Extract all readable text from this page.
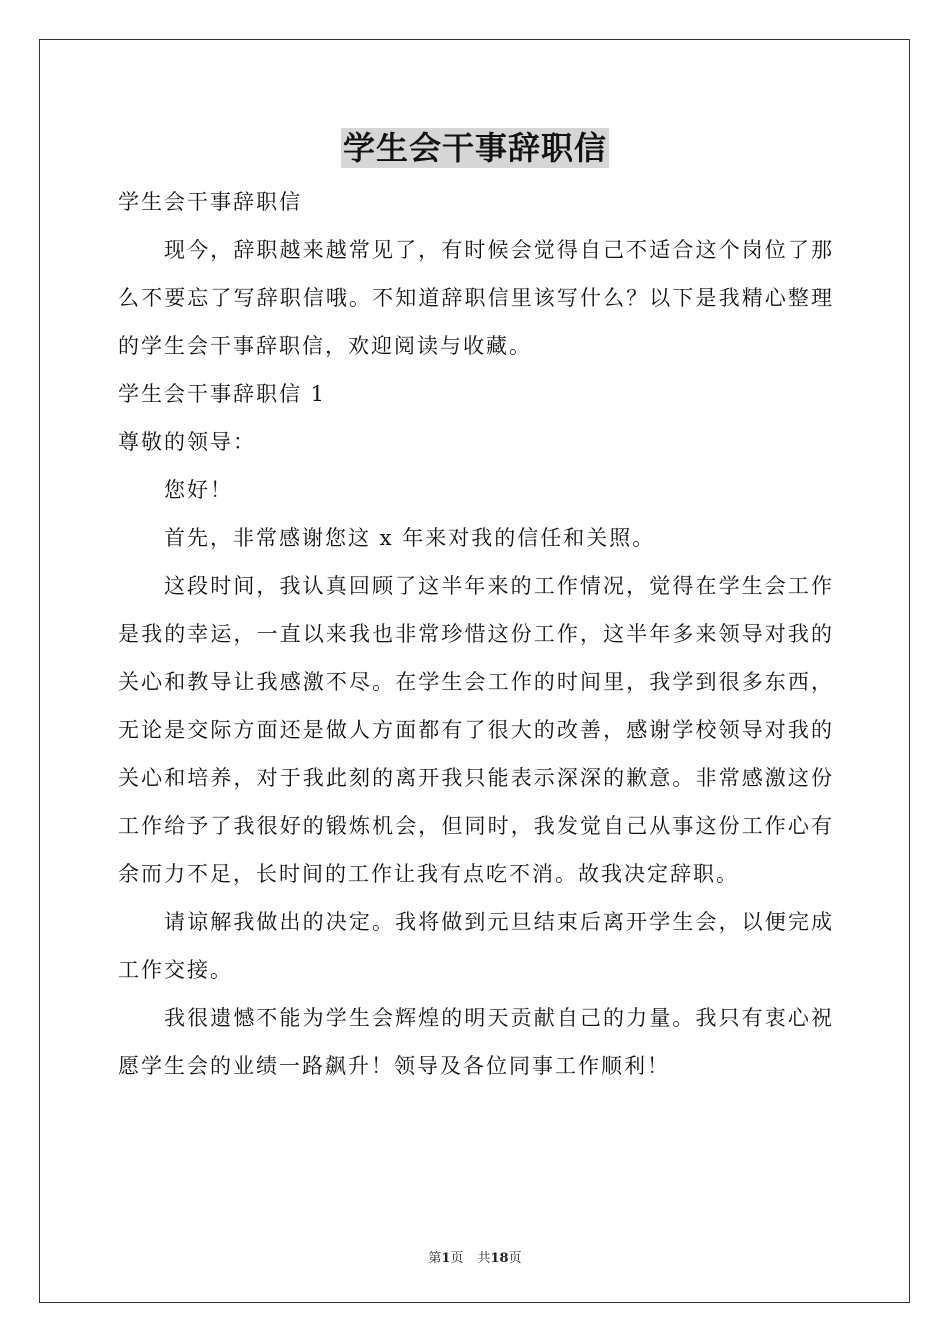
学生会干事辞职信

学生会干事辞职信

现今，辞职越来越常见了，有时候会觉得自己不适合这个岗位了那么不要忘了写辞职信哦。不知道辞职信里该写什么？以下是我精心整理的学生会干事辞职信，欢迎阅读与收藏。

学生会干事辞职信 1

尊敬的领导：

您好！

首先，非常感谢您这 x 年来对我的信任和关照。

这段时间，我认真回顾了这半年来的工作情况，觉得在学生会工作是我的幸运，一直以来我也非常珍惜这份工作，这半年多来领导对我的关心和教导让我感激不尽。在学生会工作的时间里，我学到很多东西，无论是交际方面还是做人方面都有了很大的改善，感谢学校领导对我的关心和培养，对于我此刻的离开我只能表示深深的歉意。非常感激这份工作给予了我很好的锻炼机会，但同时，我发觉自己从事这份工作心有余而力不足，长时间的工作让我有点吃不消。故我决定辞职。

请谅解我做出的决定。我将做到元旦结束后离开学生会，以便完成工作交接。

我很遗憾不能为学生会辉煌的明天贡献自己的力量。我只有衷心祝愿学生会的业绩一路飙升！领导及各位同事工作顺利！

第1页 共18页
